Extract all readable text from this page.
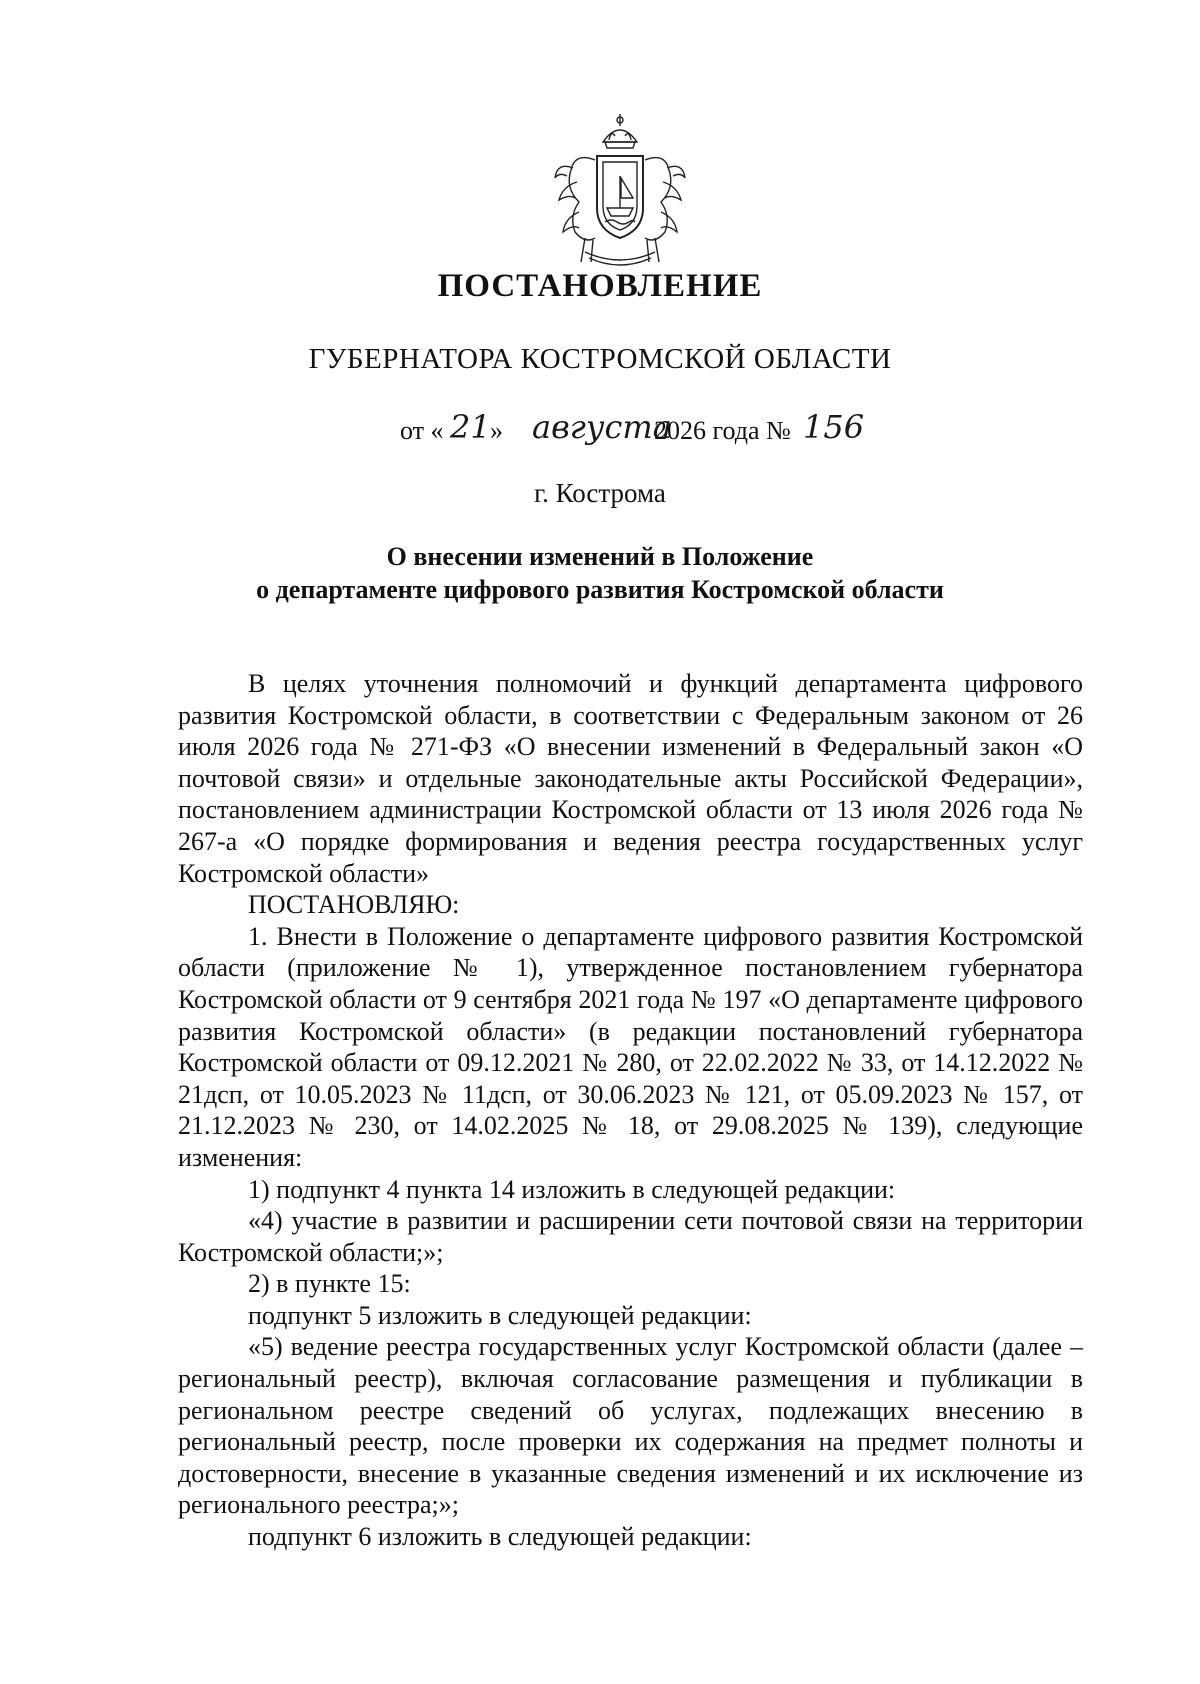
ПОСТАНОВЛЕНИЕ
ГУБЕРНАТОРА КОСТРОМСКОЙ ОБЛАСТИ
от « 21 » августа
2026 года № 156
г. Кострома
О внесении изменений в Положение
о департаменте цифрового развития Костромской области

В целях уточнения полномочий и функций департамента цифрового развития Костромской области, в соответствии с Федеральным законом от 26 июля 2026 года № 271-ФЗ «О внесении изменений в Федеральный закон «О почтовой связи» и отдельные законодательные акты Российской Федерации», постановлением администрации Костромской области от 13 июля 2026 года № 267-а «О порядке формирования и ведения реестра государственных услуг Костромской области»

ПОСТАНОВЛЯЮ:

1. Внести в Положение о департаменте цифрового развития Костромской области (приложение № 1), утвержденное постановлением губернатора Костромской области от 9 сентября 2021 года № 197 «О департаменте цифрового развития Костромской области» (в редакции постановлений губернатора Костромской области от 09.12.2021 № 280, от 22.02.2022 № 33, от 14.12.2022 № 21дсп, от 10.05.2023 № 11дсп, от 30.06.2023 № 121, от 05.09.2023 № 157, от 21.12.2023 № 230, от 14.02.2025 № 18, от 29.08.2025 № 139), следующие изменения:

1) подпункт 4 пункта 14 изложить в следующей редакции:

«4) участие в развитии и расширении сети почтовой связи на территории Костромской области;»;

2) в пункте 15:

подпункт 5 изложить в следующей редакции:

«5) ведение реестра государственных услуг Костромской области (далее – региональный реестр), включая согласование размещения и публикации в региональном реестре сведений об услугах, подлежащих внесению в региональный реестр, после проверки их содержания на предмет полноты и достоверности, внесение в указанные сведения изменений и их исключение из регионального реестра;»;

подпункт 6 изложить в следующей редакции:
